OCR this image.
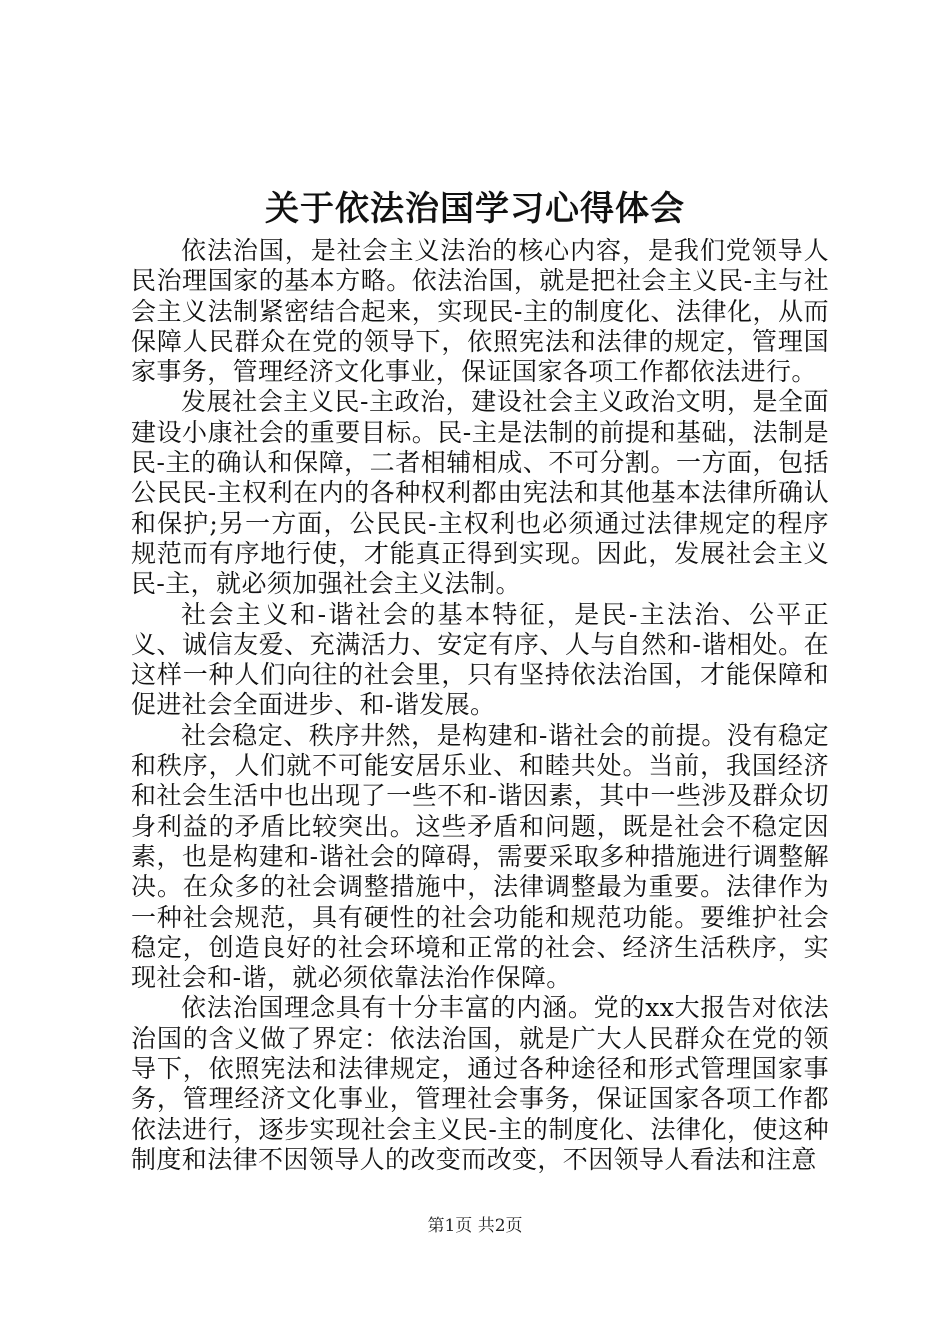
关于依法治国学习心得体会

依法治国，是社会主义法治的核心内容，是我们党领导人民治理国家的基本方略。依法治国，就是把社会主义民-主与社会主义法制紧密结合起来，实现民-主的制度化、法律化，从而保障人民群众在党的领导下，依照宪法和法律的规定，管理国家事务，管理经济文化事业，保证国家各项工作都依法进行。

发展社会主义民-主政治，建设社会主义政治文明，是全面建设小康社会的重要目标。民-主是法制的前提和基础，法制是民-主的确认和保障，二者相辅相成、不可分割。一方面，包括公民民-主权利在内的各种权利都由宪法和其他基本法律所确认和保护;另一方面，公民民-主权利也必须通过法律规定的程序规范而有序地行使，才能真正得到实现。因此，发展社会主义民-主，就必须加强社会主义法制。

社会主义和-谐社会的基本特征，是民-主法治、公平正义、诚信友爱、充满活力、安定有序、人与自然和-谐相处。在这样一种人们向往的社会里，只有坚持依法治国，才能保障和促进社会全面进步、和-谐发展。

社会稳定、秩序井然，是构建和-谐社会的前提。没有稳定和秩序，人们就不可能安居乐业、和睦共处。当前，我国经济和社会生活中也出现了一些不和-谐因素，其中一些涉及群众切身利益的矛盾比较突出。这些矛盾和问题，既是社会不稳定因素，也是构建和-谐社会的障碍，需要采取多种措施进行调整解决。在众多的社会调整措施中，法律调整最为重要。法律作为一种社会规范，具有硬性的社会功能和规范功能。要维护社会稳定，创造良好的社会环境和正常的社会、经济生活秩序，实现社会和-谐，就必须依靠法治作保障。

依法治国理念具有十分丰富的内涵。党的xx大报告对依法治国的含义做了界定：依法治国，就是广大人民群众在党的领导下，依照宪法和法律规定，通过各种途径和形式管理国家事务，管理经济文化事业，管理社会事务，保证国家各项工作都依法进行，逐步实现社会主义民-主的制度化、法律化，使这种制度和法律不因领导人的改变而改变，不因领导人看法和注意

第1页 共2页
